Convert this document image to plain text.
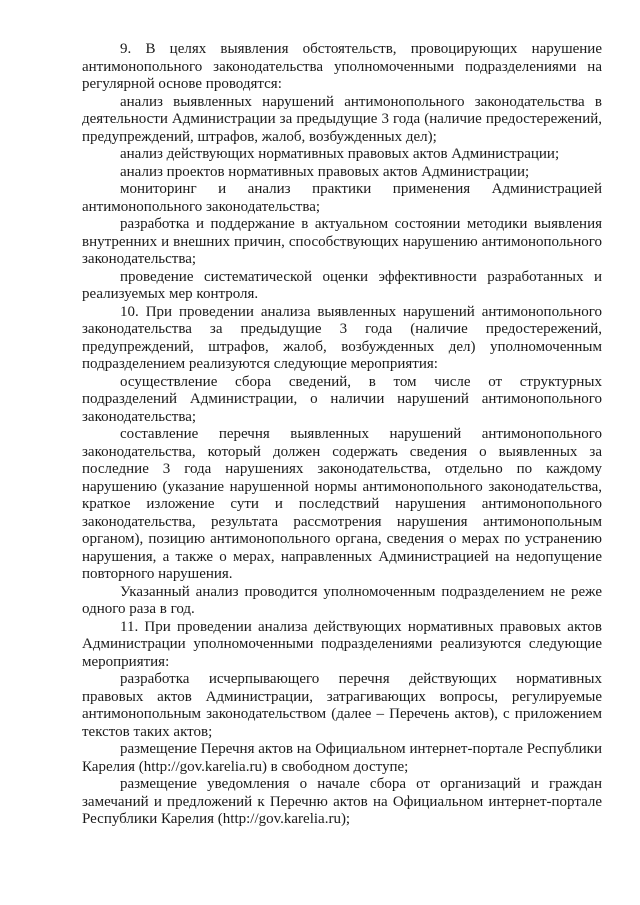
9. В целях выявления обстоятельств, провоцирующих нарушение антимонопольного законодательства уполномоченными подразделениями на регулярной основе проводятся:

анализ выявленных нарушений антимонопольного законодательства в деятельности Администрации за предыдущие 3 года (наличие предостережений, предупреждений, штрафов, жалоб, возбужденных дел);

анализ действующих нормативных правовых актов Администрации;

анализ проектов нормативных правовых актов Администрации;

мониторинг и анализ практики применения Администрацией антимонопольного законодательства;

разработка и поддержание в актуальном состоянии методики выявления внутренних и внешних причин, способствующих нарушению антимонопольного законодательства;

проведение систематической оценки эффективности разработанных и реализуемых мер контроля.

10. При проведении анализа выявленных нарушений антимонопольного законодательства за предыдущие 3 года (наличие предостережений, предупреждений, штрафов, жалоб, возбужденных дел) уполномоченным подразделением реализуются следующие мероприятия:

осуществление сбора сведений, в том числе от структурных подразделений Администрации, о наличии нарушений антимонопольного законодательства;

составление перечня выявленных нарушений антимонопольного законодательства, который должен содержать сведения о выявленных за последние 3 года нарушениях законодательства, отдельно по каждому нарушению (указание нарушенной нормы антимонопольного законодательства, краткое изложение сути и последствий нарушения антимонопольного законодательства, результата рассмотрения нарушения антимонопольным органом), позицию антимонопольного органа, сведения о мерах по устранению нарушения, а также о мерах, направленных Администрацией на недопущение повторного нарушения.

Указанный анализ проводится уполномоченным подразделением не реже одного раза в год.

11. При проведении анализа действующих нормативных правовых актов Администрации уполномоченными подразделениями реализуются следующие мероприятия:

разработка исчерпывающего перечня действующих нормативных правовых актов Администрации, затрагивающих вопросы, регулируемые антимонопольным законодательством (далее – Перечень актов), с приложением текстов таких актов;

размещение Перечня актов на Официальном интернет-портале Республики Карелия (http://gov.karelia.ru) в свободном доступе;

размещение уведомления о начале сбора от организаций и граждан замечаний и предложений к Перечню актов на Официальном интернет-портале Республики Карелия (http://gov.karelia.ru);
